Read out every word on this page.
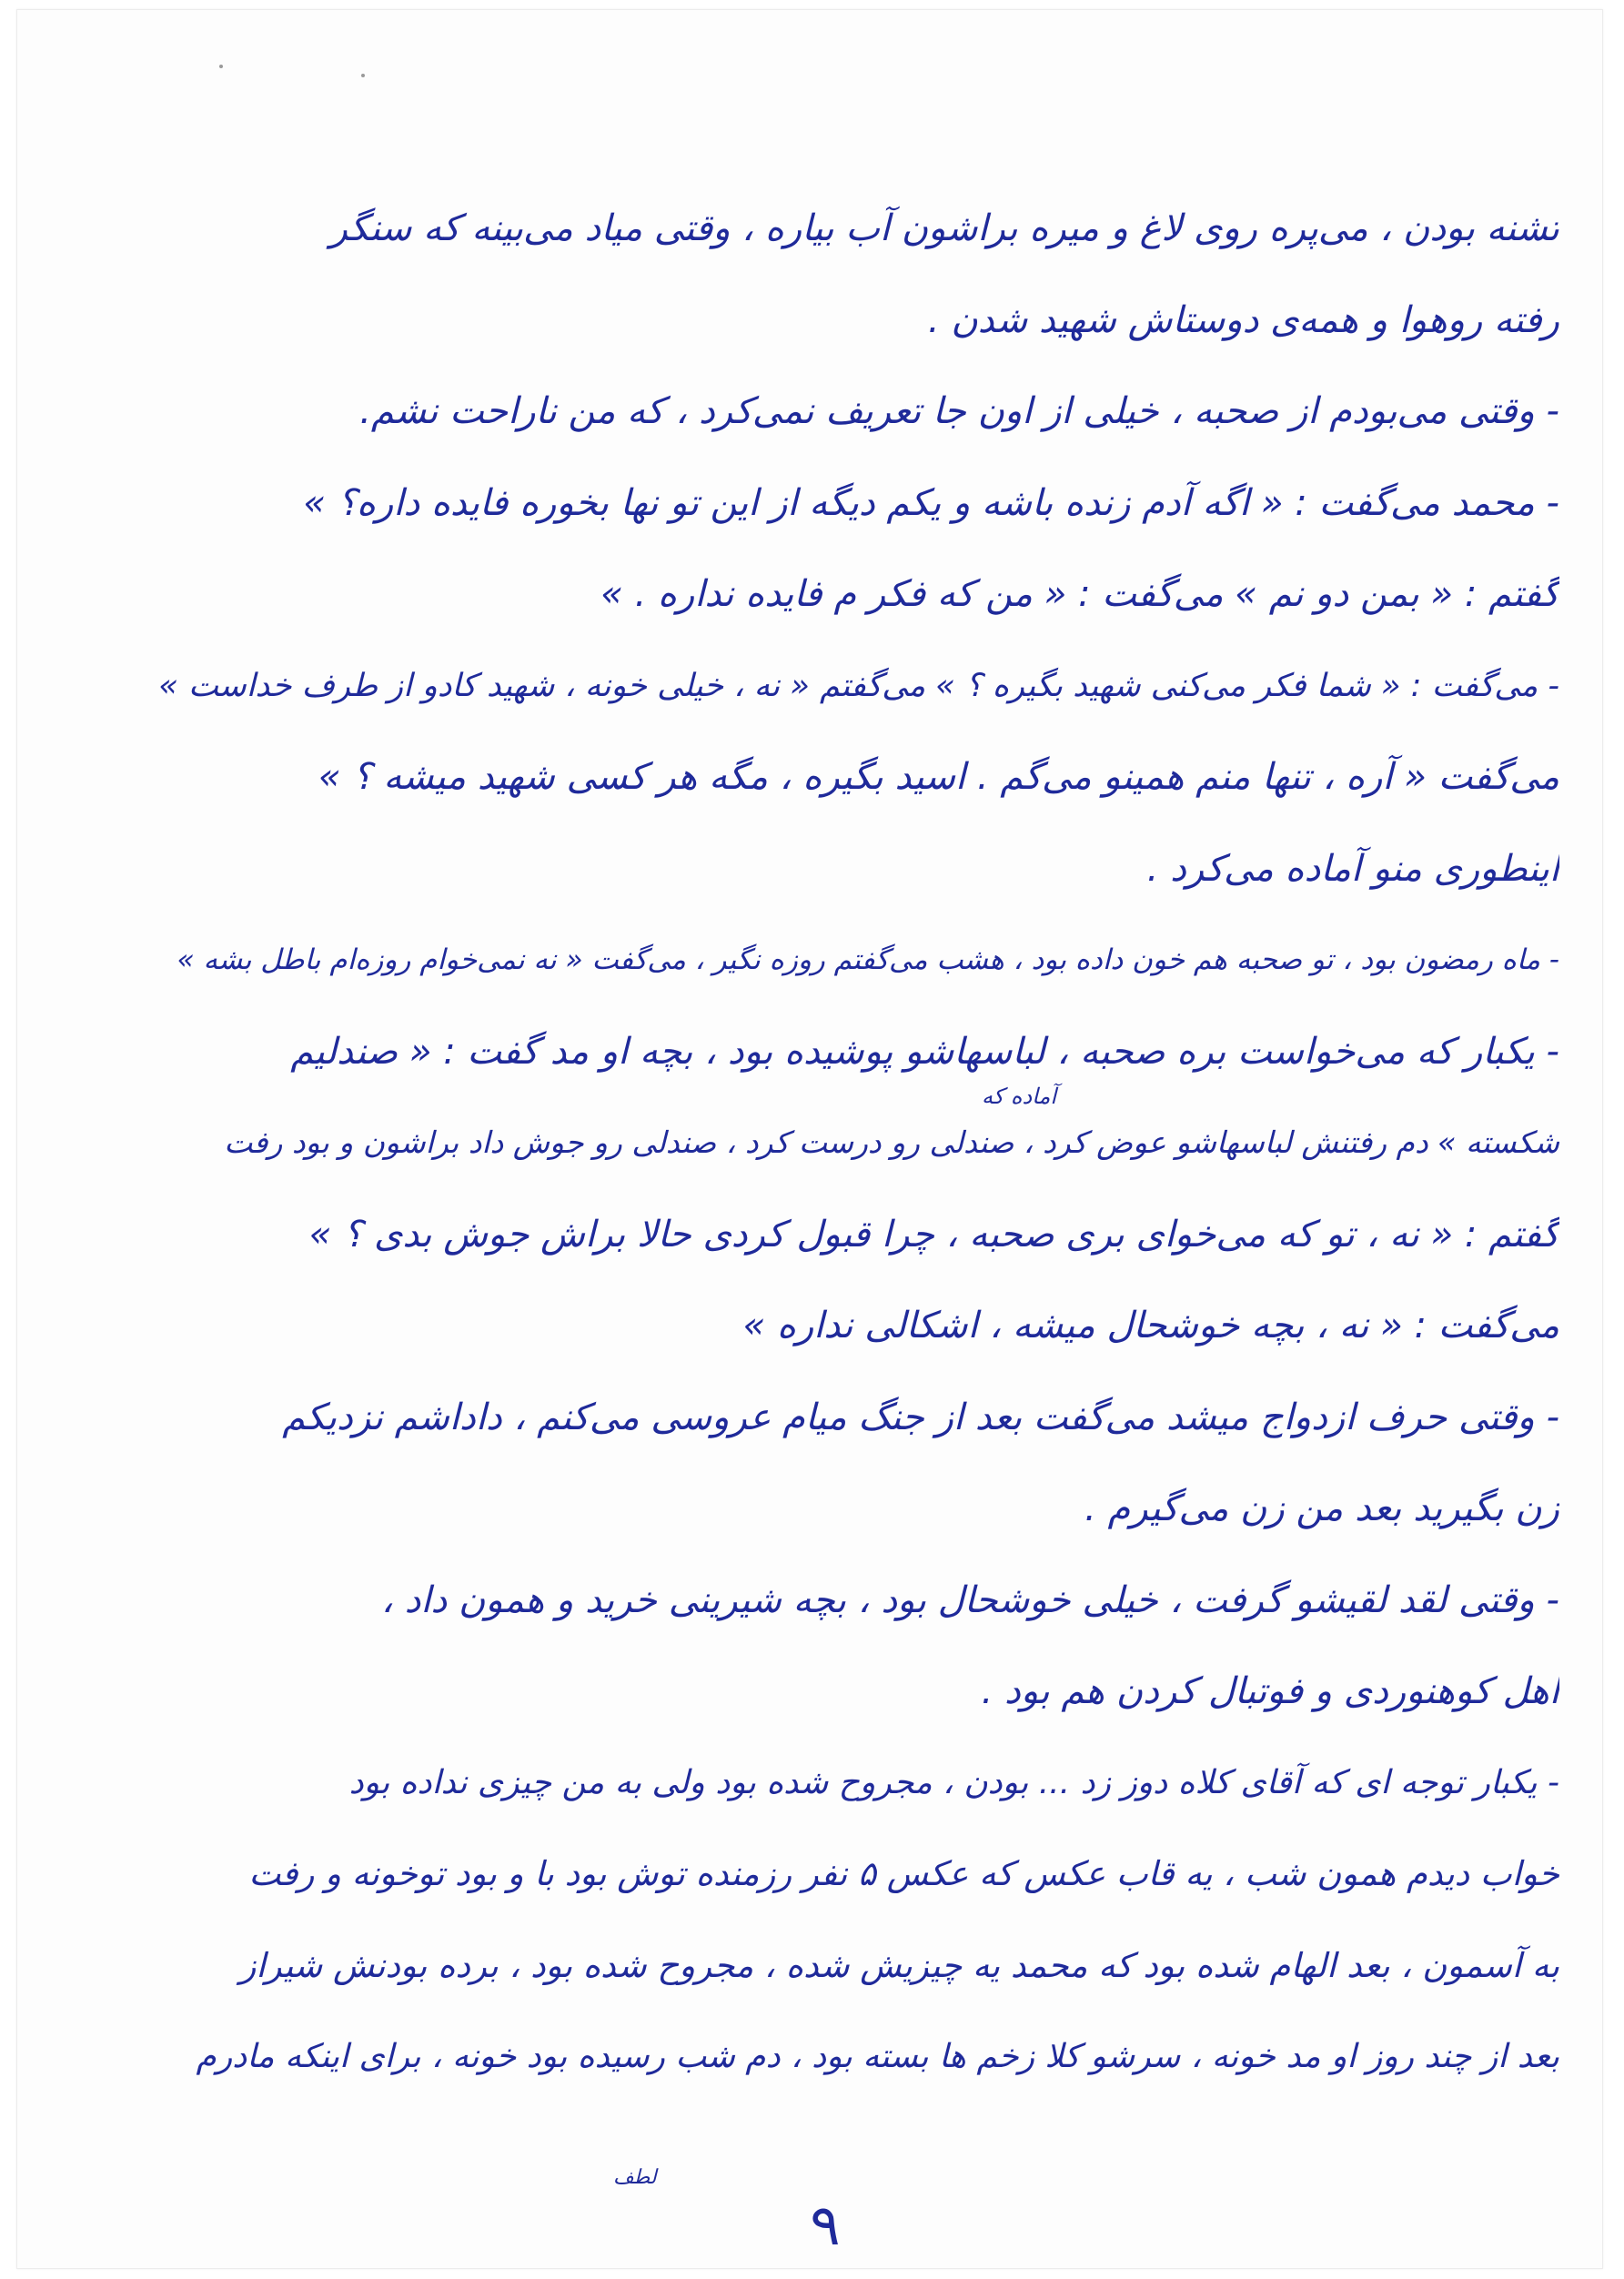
تشنه بودن ، می‌پره روی لاغ و میره براشون آب بیاره ، وقتی میاد می‌بینه که سنگر
رفته روهوا و همه‌ی دوستاش شهید شدن .
- وقتی می‌بودم از صحبه ، خیلی از اون جا تعریف نمی‌کرد ، که من ناراحت نشم.
- محمد می‌گفت : « اگه آدم زنده باشه و یکم دیگه از این تو نها بخوره فایده داره؟ »
گفتم : « بمن دو نم » می‌گفت : « من که فکر م فایده نداره . »
- می‌گفت : « شما فکر می‌کنی شهید بگیره ؟ » می‌گفتم « نه ، خیلی خونه ، شهید کادو از طرف خداست »
می‌گفت « آره ، تنها منم همینو می‌گم . اسید بگیره ، مگه هر کسی شهید میشه ؟ »
اینطوری منو آماده می‌کرد .
- ماه رمضون بود ، تو صحبه هم خون داده بود ، هشب می‌گفتم روزه نگیر ، می‌گفت « نه نمی‌خوام روزه‌ام باطل بشه »
- یکبار که می‌خواست بره صحبه ، لباسهاشو پوشیده بود ، بچه او مد گفت : « صندلیم
شکسته » دم رفتنش لباسهاشو عوض کرد ، صندلی رو درست کرد ، صندلی رو جوش داد براشون و بود رفت
گفتم : « نه ، تو که می‌خوای بری صحبه ، چرا قبول کردی حالا براش جوش بدی ؟ »
می‌گفت : « نه ، بچه خوشحال میشه ، اشکالی نداره »
- وقتی حرف ازدواج میشد می‌گفت بعد از جنگ میام عروسی می‌کنم ، داداشم نزدیکم
زن بگیرید بعد من زن می‌گیرم .
- وقتی لقد لقیشو گرفت ، خیلی خوشحال بود ، بچه شیرینی خرید و همون داد ،
اهل کوهنوردی و فوتبال کردن هم بود .
- یکبار توجه ای که آقای کلاه دوز زد ... بودن ، مجروح شده بود ولی به من چیزی نداده بود
خواب دیدم همون شب ، یه قاب عکس که عکس ۵ نفر رزمنده توش بود با و بود توخونه و رفت
به آسمون ، بعد الهام شده بود که محمد یه چیزیش شده ، مجروح شده بود ، برده بودنش شیراز
بعد از چند روز او مد خونه ، سرشو کلا زخم ها بسته بود ، دم شب رسیده بود خونه ، برای اینکه مادرم
آماده که
لطف
۹
